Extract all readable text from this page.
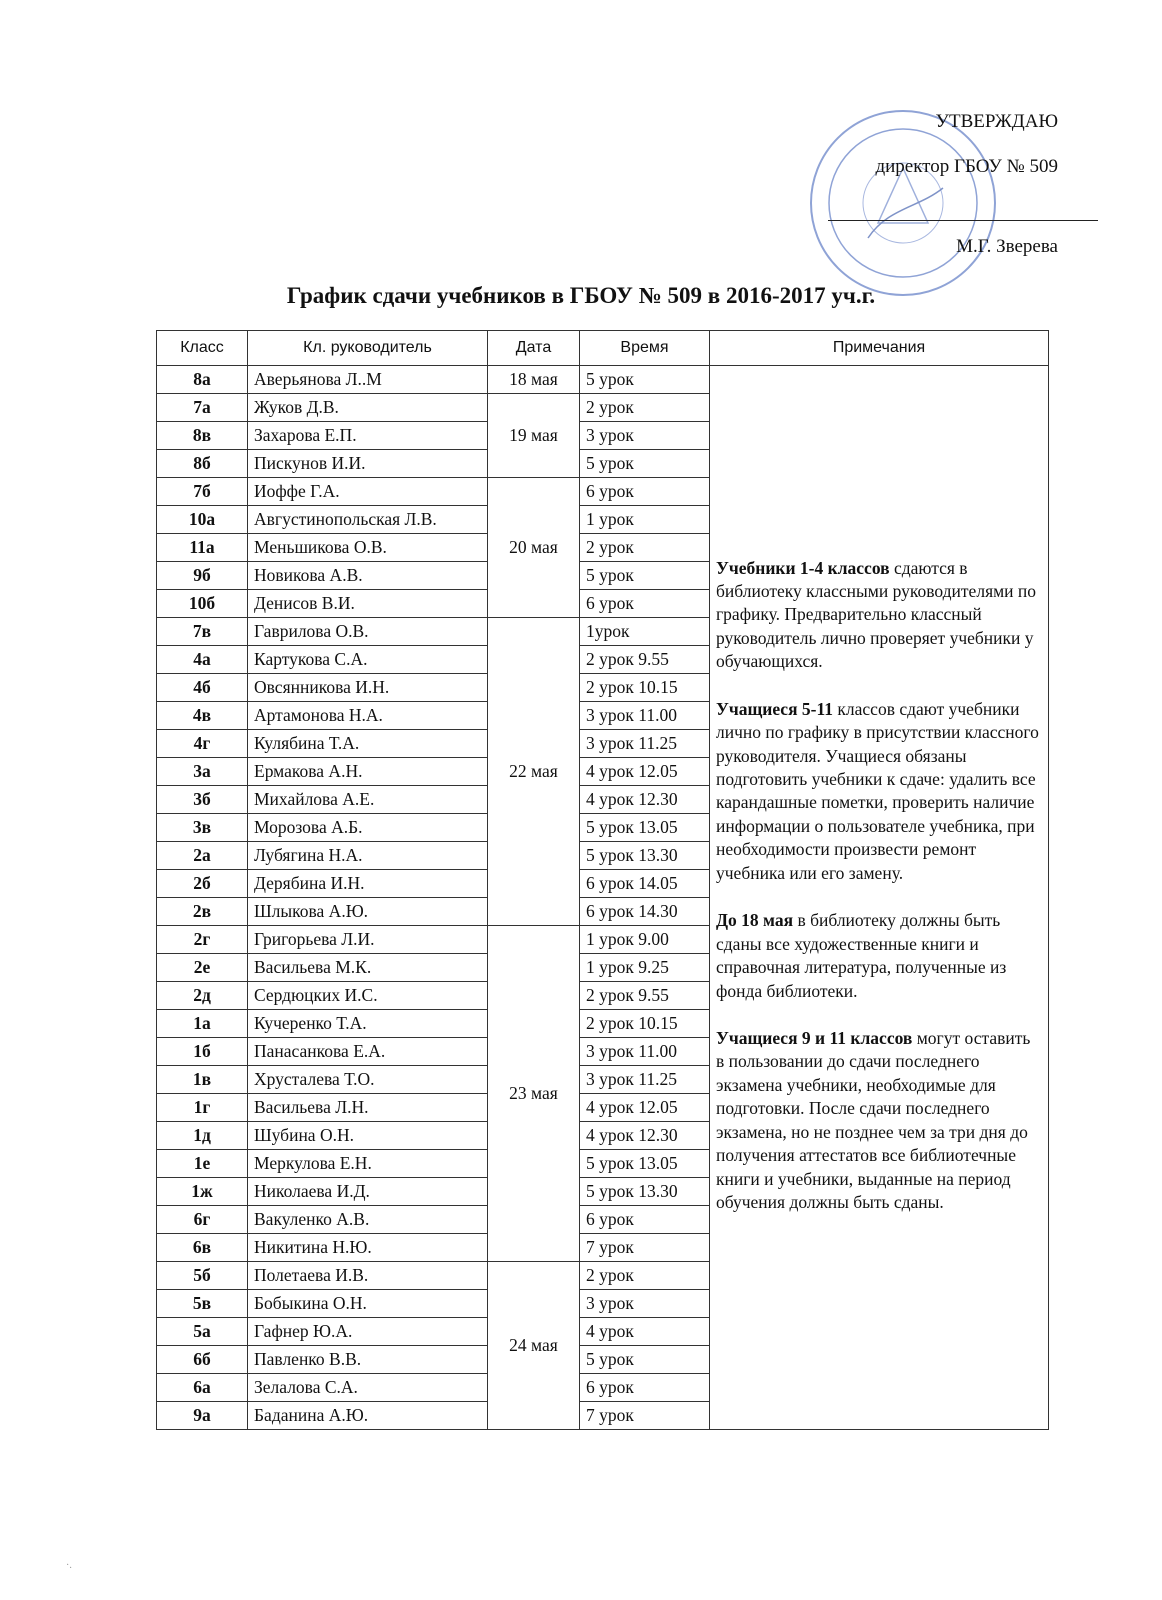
УТВЕРЖДАЮ
директор ГБОУ № 509
М.Г. Зверева
График сдачи учебников в ГБОУ № 509 в 2016-2017 уч.г.
Класс	Кл. руководитель	Дата	Время	Примечания
8а	Аверьянова Л..М	18 мая	5 урок	Учебники 1-4 классов сдаются в библиотеку классными руководителями по графику. Предварительно классный руководитель лично проверяет учебники у обучающихся.

Учащиеся 5-11 классов сдают учебники лично по графику в присутствии классного руководителя. Учащиеся обязаны подготовить учебники к сдаче: удалить все карандашные пометки, проверить наличие информации о пользователе учебника, при необходимости произвести ремонт учебника или его замену.

До 18 мая в библиотеку должны быть сданы все художественные книги и справочная литература, полученные из фонда библиотеки.

Учащиеся 9 и 11 классов могут оставить в пользовании до сдачи последнего экзамена учебники, необходимые для подготовки. После сдачи последнего экзамена, но не позднее чем за три дня до получения аттестатов все библиотечные книги и учебники, выданные на период обучения должны быть сданы.

7а	Жуков Д.В.	19 мая	2 урок	
8в	Захарова Е.П.		3 урок	
8б	Пискунов И.И.		5 урок	
7б	Иоффе Г.А.	20 мая	6 урок	
10а	Августинопольская Л.В.		1 урок	
11а	Меньшикова О.В.		2 урок	
9б	Новикова А.В.		5 урок	
10б	Денисов В.И.		6 урок	
7в	Гаврилова О.В.	22 мая	1урок	
4а	Картукова С.А.		2 урок 9.55	
4б	Овсянникова И.Н.		2 урок 10.15	
4в	Артамонова Н.А.		3 урок 11.00	
4г	Кулябина Т.А.		3 урок 11.25	
3а	Ермакова А.Н.		4 урок 12.05	
3б	Михайлова А.Е.		4 урок 12.30	
3в	Морозова А.Б.		5 урок 13.05	
2а	Лубягина Н.А.		5 урок 13.30	
2б	Дерябина И.Н.		6 урок 14.05	
2в	Шлыкова А.Ю.		6 урок 14.30	
2г	Григорьева Л.И.	23 мая	1 урок 9.00	
2е	Васильева М.К.		1 урок 9.25	
2д	Сердюцких И.С.		2 урок 9.55	
1а	Кучеренко Т.А.		2 урок 10.15	
1б	Панасанкова Е.А.		3 урок 11.00	
1в	Хрусталева Т.О.		3 урок 11.25	
1г	Васильева Л.Н.		4 урок 12.05	
1д	Шубина О.Н.		4 урок 12.30	
1е	Меркулова Е.Н.		5 урок 13.05	
1ж	Николаева И.Д.		5 урок 13.30	
6г	Вакуленко А.В.		6 урок	
6в	Никитина Н.Ю.		7 урок	
5б	Полетаева И.В.	24 мая	2 урок	
5в	Бобыкина О.Н.		3 урок	
5а	Гафнер Ю.А.		4 урок	
6б	Павленко В.В.		5 урок	
6а	Зелалова С.А.		6 урок	
9а	Баданина А.Ю.		7 урок	
·.
